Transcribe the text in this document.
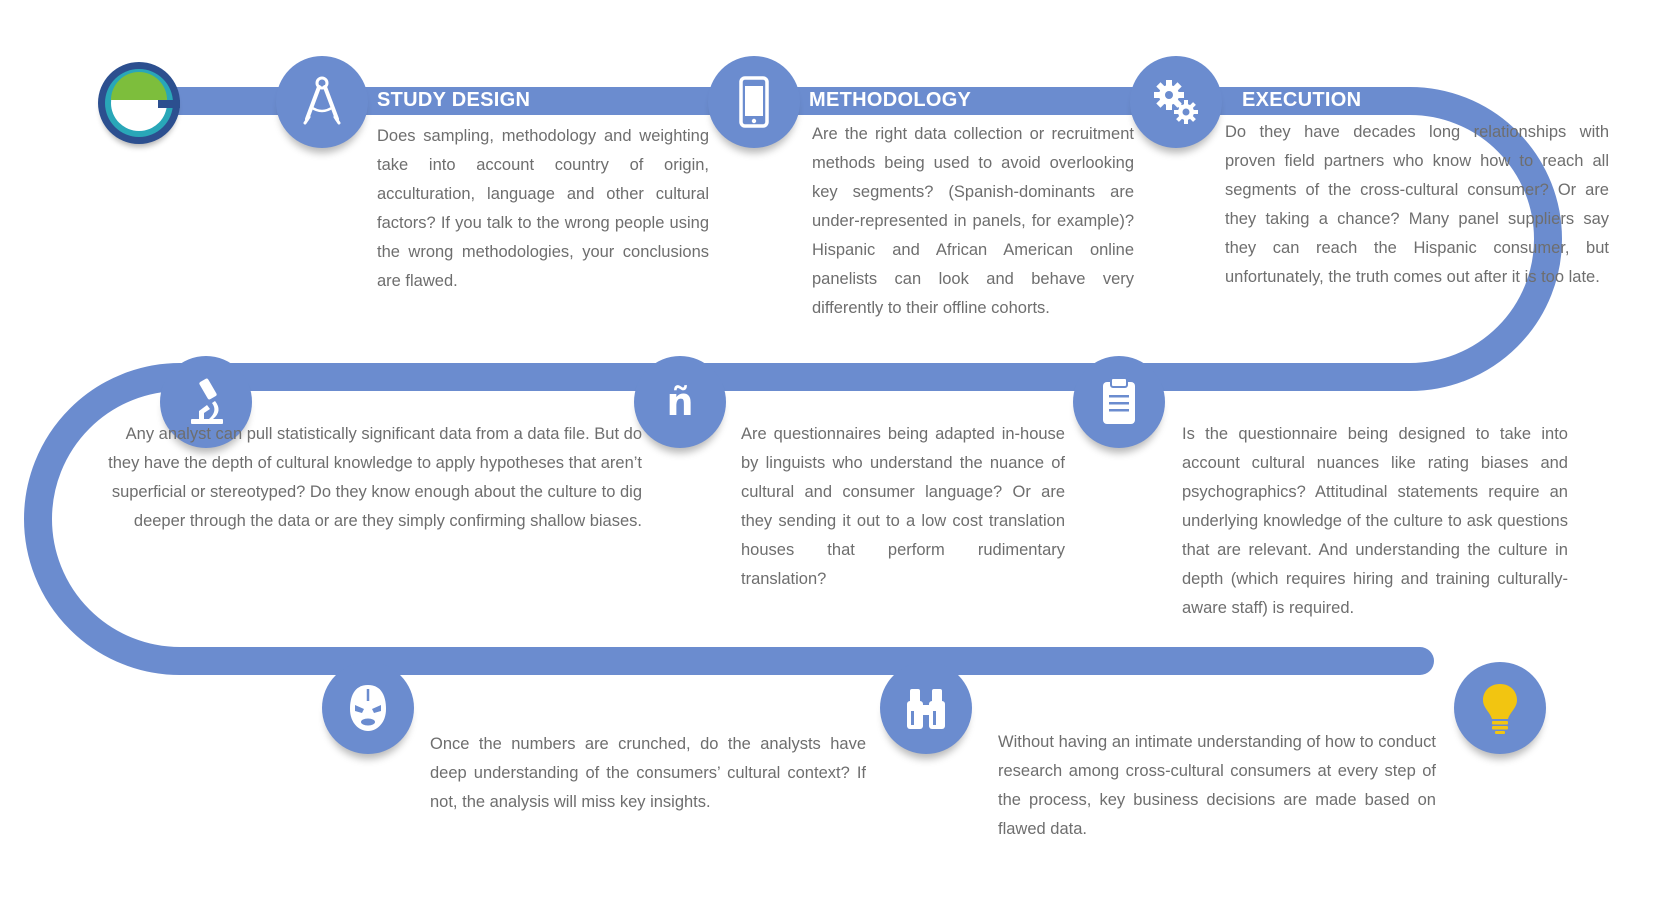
STUDY DESIGN
Does sampling, methodology and weighting take into account country of origin, acculturation, language and other cultural factors? If you talk to the wrong people using the wrong methodologies, your conclusions are flawed.
METHODOLOGY
Are the right data collection or recruitment methods being used to avoid overlooking key segments? (Spanish-dominants are under-represented in panels, for example)? Hispanic and African American online panelists can look and behave very differently to their offline cohorts.
EXECUTION
Do they have decades long relationships with proven field partners who know how to reach all segments of the cross-cultural consumer? Or are they taking a chance? Many panel suppliers say they can reach the Hispanic consumer, but unfortunately, the truth comes out after it is too late.
QUESTIONNAIRE
Is the questionnaire being designed to take into account cultural nuances like rating biases and psychographics? Attitudinal statements require an underlying knowledge of the culture to ask questions that are relevant. And understanding the culture in depth (which requires hiring and training culturally-aware staff) is required.
ñ	ADAPTATION
Are questionnaires being adapted in-house by linguists who understand the nuance of cultural and consumer language? Or are they sending it out to a low cost translation houses that perform rudimentary translation?
ANALYSIS
Any analyst can pull statistically significant data from a data file. But do they have the depth of cultural knowledge to apply hypotheses that aren’t superficial or stereotyped? Do they know enough about the culture to dig deeper through the data or are they simply confirming shallow biases.
CULTURAL CONTEXT
Once the numbers are crunched, do the analysts have deep understanding of the consumers’ cultural context? If not, the analysis will miss key insights.
RECOMMENDATIONS
Without having an intimate understanding of how to conduct research among cross-cultural consumers at every step of the process, key business decisions are made based on flawed data.
